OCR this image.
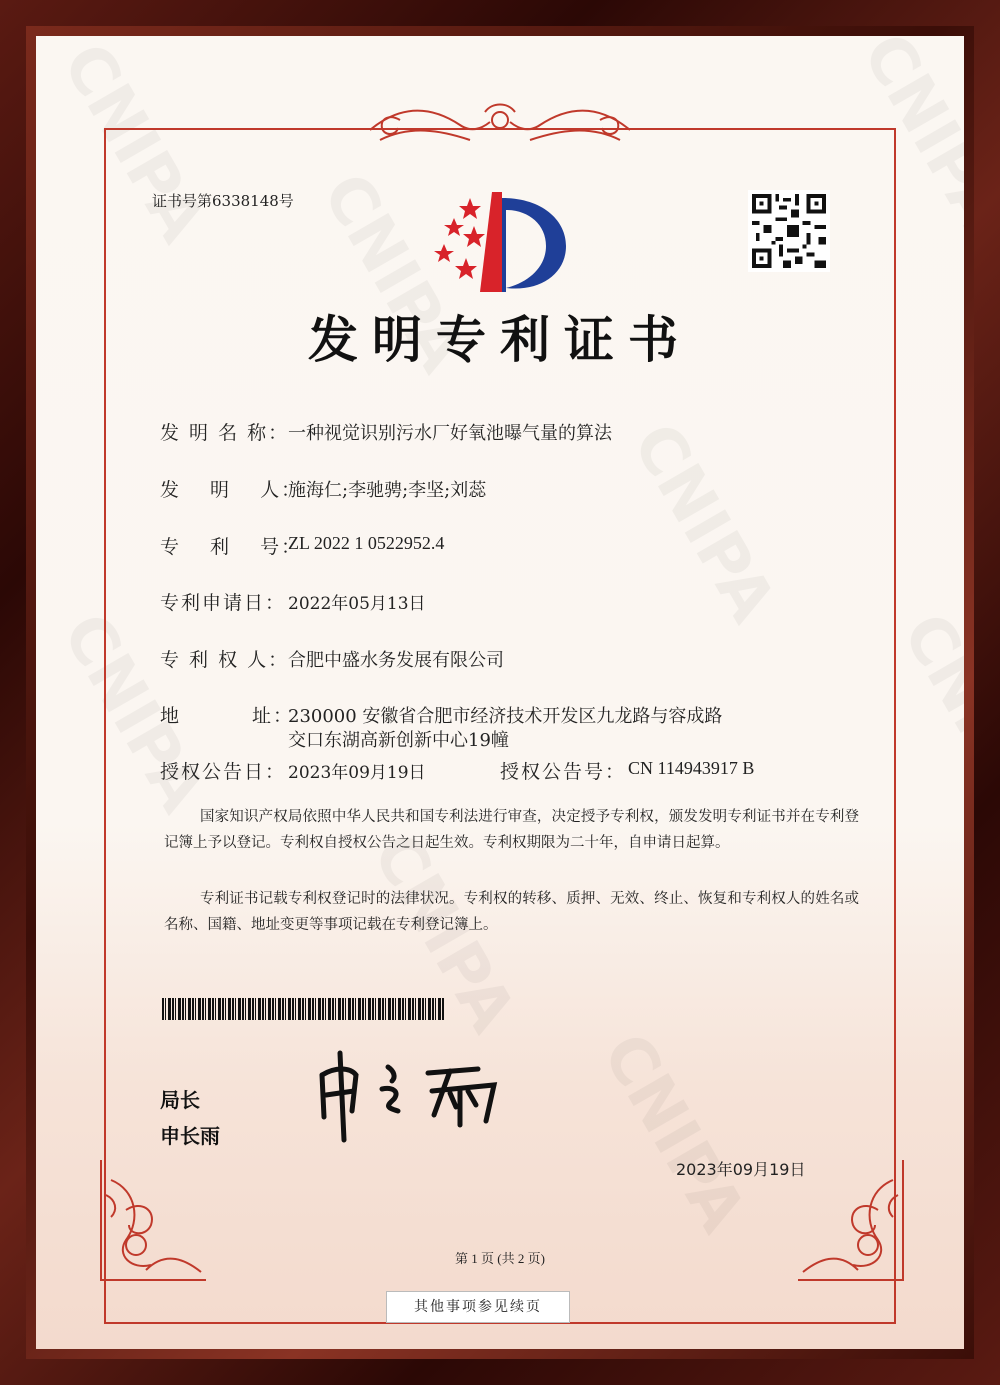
证书号第6338148号
发明专利证书
发 明 名 称：
一种视觉识别污水厂好氧池曝气量的算法
发　 明　 人：
施海仁;李驰骋;李坚;刘蕊
专　 利　 号：
ZL 2022 1 0522952.4
专利申请日： 2022年05月13日
专 利 权 人：
合肥中盛水务发展有限公司
地　　　 址：
230000 安徽省合肥市经济技术开发区九龙路与容成路
交口东湖高新创新中心19幢
授权公告日： 2023年09月19日	授权公告号： CN 114943917 B
国家知识产权局依照中华人民共和国专利法进行审查，决定授予专利权，颁发发明专利证书并在专利登记簿上予以登记。专利权自授权公告之日起生效。专利权期限为二十年，自申请日起算。
专利证书记载专利权登记时的法律状况。专利权的转移、质押、无效、终止、恢复和专利权人的姓名或名称、国籍、地址变更等事项记载在专利登记簿上。
局长
申长雨
2023年09月19日
第 1 页 (共 2 页)
其他事项参见续页
